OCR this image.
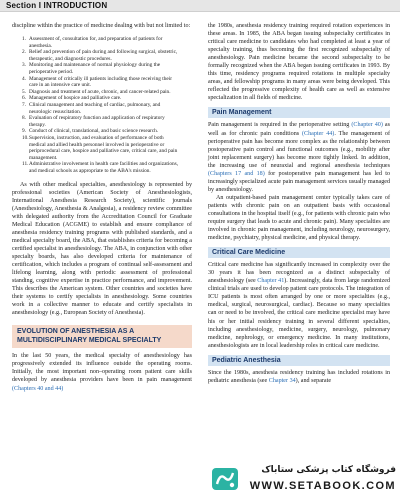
Section I INTRODUCTION

discipline within the practice of medicine dealing with but not limited to:

1. Assessment of, consultation for, and preparation of patients for anesthesia.
2. Relief and prevention of pain during and following surgical, obstetric, therapeutic, and diagnostic procedures.
3. Monitoring and maintenance of normal physiology during the perioperative period.
4. Management of critically ill patients including those receiving their care in an intensive care unit.
5. Diagnosis and treatment of acute, chronic, and cancer-related pain.
6. Management of hospice and palliative care.
7. Clinical management and teaching of cardiac, pulmonary, and neurologic resuscitation.
8. Evaluation of respiratory function and application of respiratory therapy.
9. Conduct of clinical, translational, and basic science research.
10. Supervision, instruction, and evaluation of performance of both medical and allied health personnel involved in perioperative or periprocedural care, hospice and palliative care, critical care, and pain management.
11. Administrative involvement in health care facilities and organizations, and medical schools as appropriate to the ABA's mission.

As with other medical specialties, anesthesiology is represented by professional societies (American Society of Anesthesiologists, International Anesthesia Research Society), scientific journals (Anesthesiology, Anesthesia & Analgesia), a residency review committee with delegated authority from the Accreditation Council for Graduate Medical Education (ACGME) to establish and ensure compliance of anesthesia residency training programs with published standards, and a medical specialty board, the ABA, that establishes criteria for becoming a certified specialist in anesthesiology. The ABA, in conjunction with other specialty boards, has also developed criteria for maintenance of certification, which includes a program of continual self-assessment and lifelong learning, along with periodic assessment of professional standing, cognitive expertise in practice performance, and improvement. This describes the American system. Other countries and societies have their systems to certify specialists in anesthesiology. Some countries work in a collective manner to educate and certify specialists in anesthesiology (e.g., European Society of Anesthesia).

EVOLUTION OF ANESTHESIA AS A MULTIDISCIPLINARY MEDICAL SPECIALTY

In the last 50 years, the medical specialty of anesthesiology has progressively extended its influence outside the operating rooms. Initially, the most important non–operating room patient care skills developed by anesthesia providers have been in pain management (Chapters 40 and 44)

the 1980s, anesthesia residency training required rotation experiences in these areas. In 1985, the ABA began issuing subspecialty certificates in critical care medicine to candidates who had completed at least a year of specialty training, thus becoming the first recognized subspecialty of anesthesiology. Pain medicine became the second subspecialty to be formally recognized when the ABA began issuing certificates in 1993. By this time, residency programs required rotations in multiple specialty areas, and fellowship programs in many areas were being developed. This reflected the progressive complexity of health care as well as extensive specialization in all fields of medicine.

Pain Management

Pain management is required in the perioperative setting (Chapter 40) as well as for chronic pain conditions (Chapter 44). The management of perioperative pain has become more complex as the relationship between postoperative pain control and functional outcomes (e.g., mobility after joint replacement surgery) has become more tightly linked. In addition, the increasing use of neuraxial and regional anesthesia techniques (Chapters 17 and 18) for postoperative pain management has led to increasingly specialized acute pain management services usually managed by anesthesiology.

An outpatient-based pain management center typically takes care of patients with chronic pain on an outpatient basis with occasional consultations in the hospital itself (e.g., for patients with chronic pain who require surgery that leads to acute and chronic pain). Many specialties are involved in chronic pain management, including neurology, neurosurgery, medicine, psychiatry, physical medicine, and physical therapy.

Critical Care Medicine

Critical care medicine has significantly increased in complexity over the 30 years it has been recognized as a distinct subspecialty of anesthesiology (see Chapter 41). Increasingly, data from large randomized clinical trials are used to develop patient care protocols. The integration of ICU patients is most often arranged by one or more specialties (e.g., medical, surgical, neurosurgical, cardiac). Because so many specialties can or need to be involved, the critical care medicine specialist may have his or her initial residency training in several different specialties, including anesthesiology, medicine, surgery, neurology, pulmonary medicine, nephrology, or emergency medicine. In many institutions, anesthesiologists are in local leadership roles in critical care medicine.

Pediatric Anesthesia

Since the 1980s, anesthesia residency training has included rotations in pediatric anesthesia (see Chapter 34), and separate

فروشگاه کتاب پزشکی ستاباک
WWW.SETABOOK.COM
